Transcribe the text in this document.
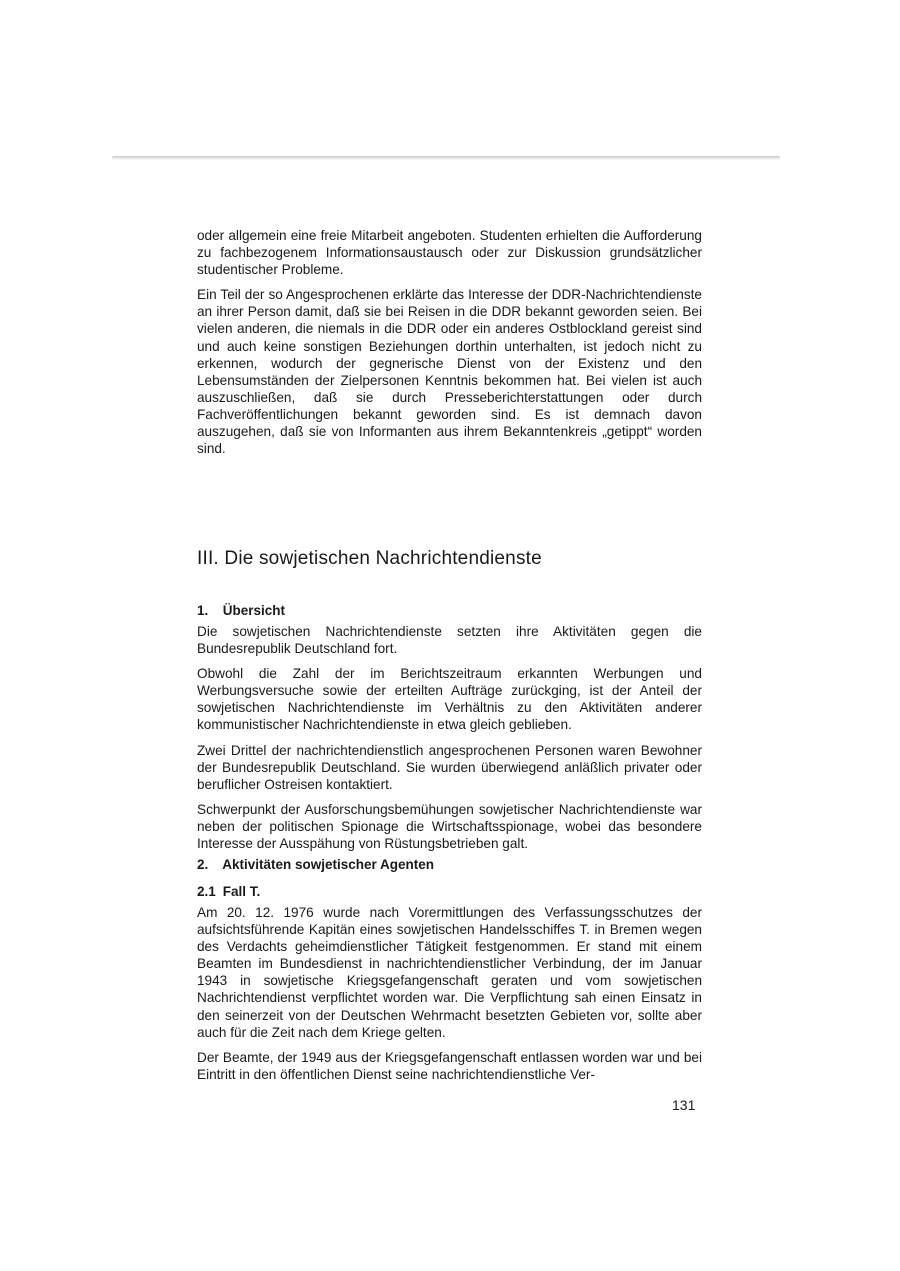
oder allgemein eine freie Mitarbeit angeboten. Studenten erhielten die Aufforderung zu fachbezogenem Informationsaustausch oder zur Diskussion grundsätzlicher studentischer Probleme.

Ein Teil der so Angesprochenen erklärte das Interesse der DDR-Nachrichtendienste an ihrer Person damit, daß sie bei Reisen in die DDR bekannt geworden seien. Bei vielen anderen, die niemals in die DDR oder ein anderes Ostblockland gereist sind und auch keine sonstigen Beziehungen dorthin unterhalten, ist jedoch nicht zu erkennen, wodurch der gegnerische Dienst von der Existenz und den Lebensumständen der Zielpersonen Kenntnis bekommen hat. Bei vielen ist auch auszuschließen, daß sie durch Presseberichterstattungen oder durch Fachveröffentlichungen bekannt geworden sind. Es ist demnach davon auszugehen, daß sie von Informanten aus ihrem Bekanntenkreis „getippt“ worden sind.

III. Die sowjetischen Nachrichtendienste
1. Übersicht

Die sowjetischen Nachrichtendienste setzten ihre Aktivitäten gegen die Bundesrepublik Deutschland fort.

Obwohl die Zahl der im Berichtszeitraum erkannten Werbungen und Werbungsversuche sowie der erteilten Aufträge zurückging, ist der Anteil der sowjetischen Nachrichtendienste im Verhältnis zu den Aktivitäten anderer kommunistischer Nachrichtendienste in etwa gleich geblieben.

Zwei Drittel der nachrichtendienstlich angesprochenen Personen waren Bewohner der Bundesrepublik Deutschland. Sie wurden überwiegend anläßlich privater oder beruflicher Ostreisen kontaktiert.

Schwerpunkt der Ausforschungsbemühungen sowjetischer Nachrichtendienste war neben der politischen Spionage die Wirtschaftsspionage, wobei das besondere Interesse der Ausspähung von Rüstungsbetrieben galt.

2. Aktivitäten sowjetischer Agenten
2.1 Fall T.

Am 20. 12. 1976 wurde nach Vorermittlungen des Verfassungsschutzes der aufsichtsführende Kapitän eines sowjetischen Handelsschiffes T. in Bremen wegen des Verdachts geheimdienstlicher Tätigkeit festgenommen. Er stand mit einem Beamten im Bundesdienst in nachrichtendienstlicher Verbindung, der im Januar 1943 in sowjetische Kriegsgefangenschaft geraten und vom sowjetischen Nachrichtendienst verpflichtet worden war. Die Verpflichtung sah einen Einsatz in den seinerzeit von der Deutschen Wehrmacht besetzten Gebieten vor, sollte aber auch für die Zeit nach dem Kriege gelten.

Der Beamte, der 1949 aus der Kriegsgefangenschaft entlassen worden war und bei Eintritt in den öffentlichen Dienst seine nachrichtendienstliche Ver-

131
